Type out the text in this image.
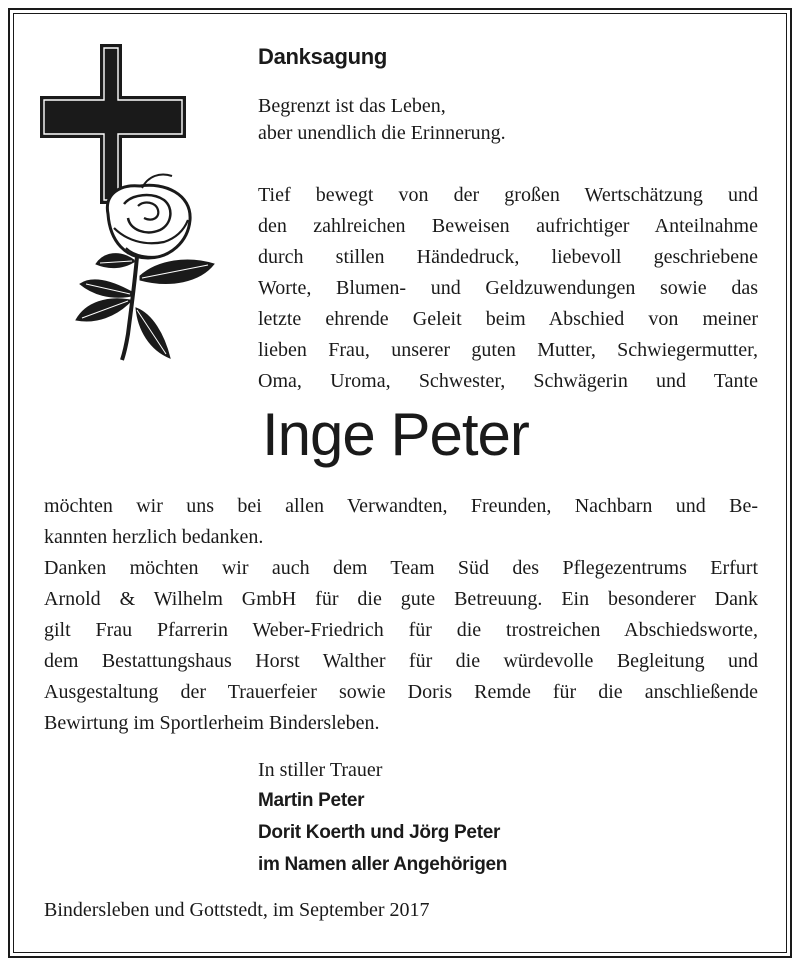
Danksagung
Begrenzt ist das Leben,
aber unendlich die Erinnerung.
Tief bewegt von der großen Wertschätzung und
den zahlreichen Beweisen aufrichtiger Anteilnahme
durch stillen Händedruck, liebevoll geschriebene
Worte, Blumen- und Geldzuwendungen sowie das
letzte ehrende Geleit beim Abschied von meiner
lieben Frau, unserer guten Mutter, Schwiegermutter,
Oma, Uroma, Schwester, Schwägerin und Tante
Inge Peter
möchten wir uns bei allen Verwandten, Freunden, Nachbarn und Be-
kannten herzlich bedanken.
Danken möchten wir auch dem Team Süd des Pflegezentrums Erfurt
Arnold & Wilhelm GmbH für die gute Betreuung. Ein besonderer Dank
gilt Frau Pfarrerin Weber-Friedrich für die trostreichen Abschiedsworte,
dem Bestattungshaus Horst Walther für die würdevolle Begleitung und
Ausgestaltung der Trauerfeier sowie Doris Remde für die anschließende
Bewirtung im Sportlerheim Bindersleben.
In stiller Trauer
Martin Peter
Dorit Koerth und Jörg Peter
im Namen aller Angehörigen
Bindersleben und Gottstedt, im September 2017
